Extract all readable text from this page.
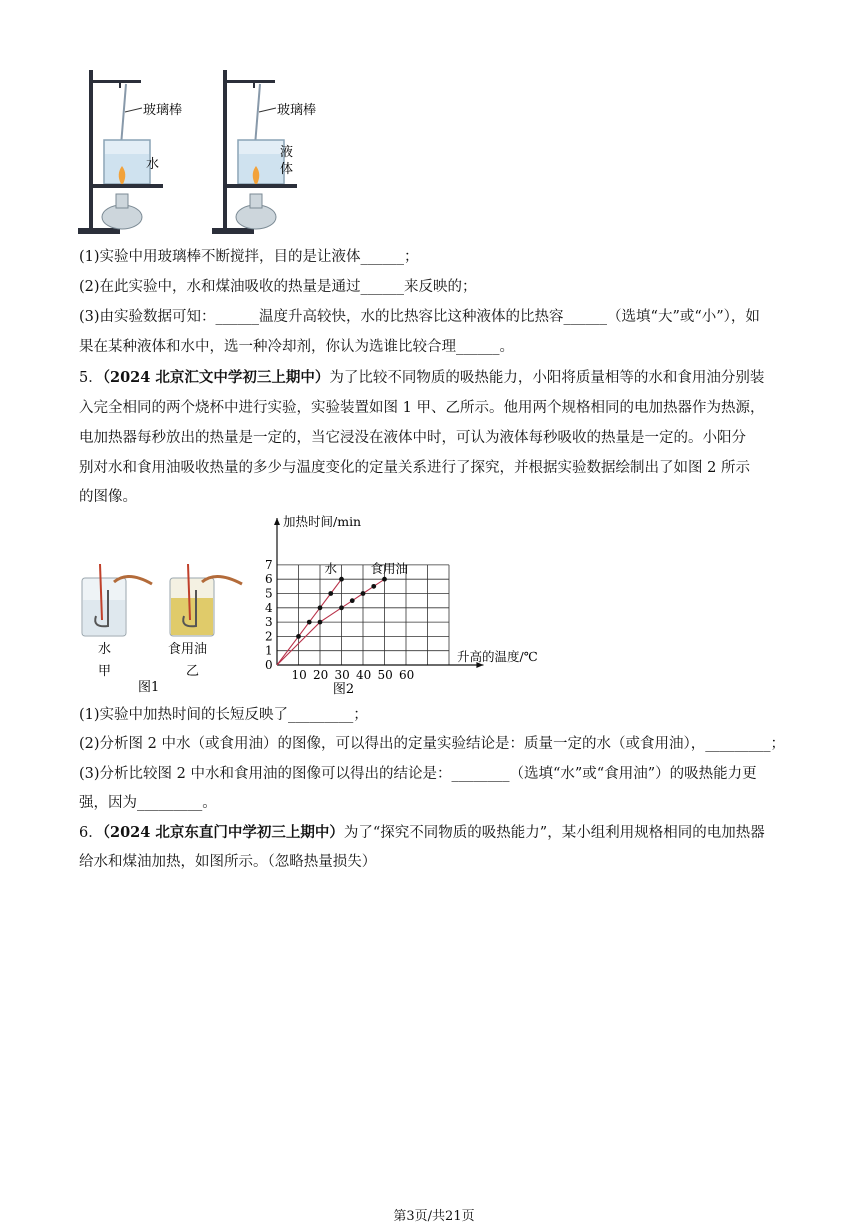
玻璃棒
水
玻璃棒
液
体
(1)实验中用玻璃棒不断搅拌，目的是让液体______；
(2)在此实验中，水和煤油吸收的热量是通过______来反映的；
(3)由实验数据可知：______温度升高较快，水的比热容比这种液体的比热容______（选填“大”或“小”），如
果在某种液体和水中，选一种冷却剂，你认为选谁比较合理______。
5．（2024 北京汇文中学初三上期中）为了比较不同物质的吸热能力，小阳将质量相等的水和食用油分别装
入完全相同的两个烧杯中进行实验，实验装置如图 1 甲、乙所示。他用两个规格相同的电加热器作为热源，
电加热器每秒放出的热量是一定的，当它浸没在液体中时，可认为液体每秒吸收的热量是一定的。小阳分
别对水和食用油吸收热量的多少与温度变化的定量关系进行了探究，并根据实验数据绘制出了如图 2 所示
的图像。
水
甲
食用油
乙
图1
10 20 30 40 50 60
1
2
3
4
5
6
7
0
加热时间/min
升高的温度/℃
水	食用油
图2
(1)实验中加热时间的长短反映了_________；
(2)分析图 2 中水（或食用油）的图像，可以得出的定量实验结论是：质量一定的水（或食用油），_________；
(3)分析比较图 2 中水和食用油的图像可以得出的结论是：________（选填“水”或“食用油”）的吸热能力更
强，因为_________。
6．（2024 北京东直门中学初三上期中）为了“探究不同物质的吸热能力”，某小组利用规格相同的电加热器
给水和煤油加热，如图所示。（忽略热量损失）
第3页/共21页
